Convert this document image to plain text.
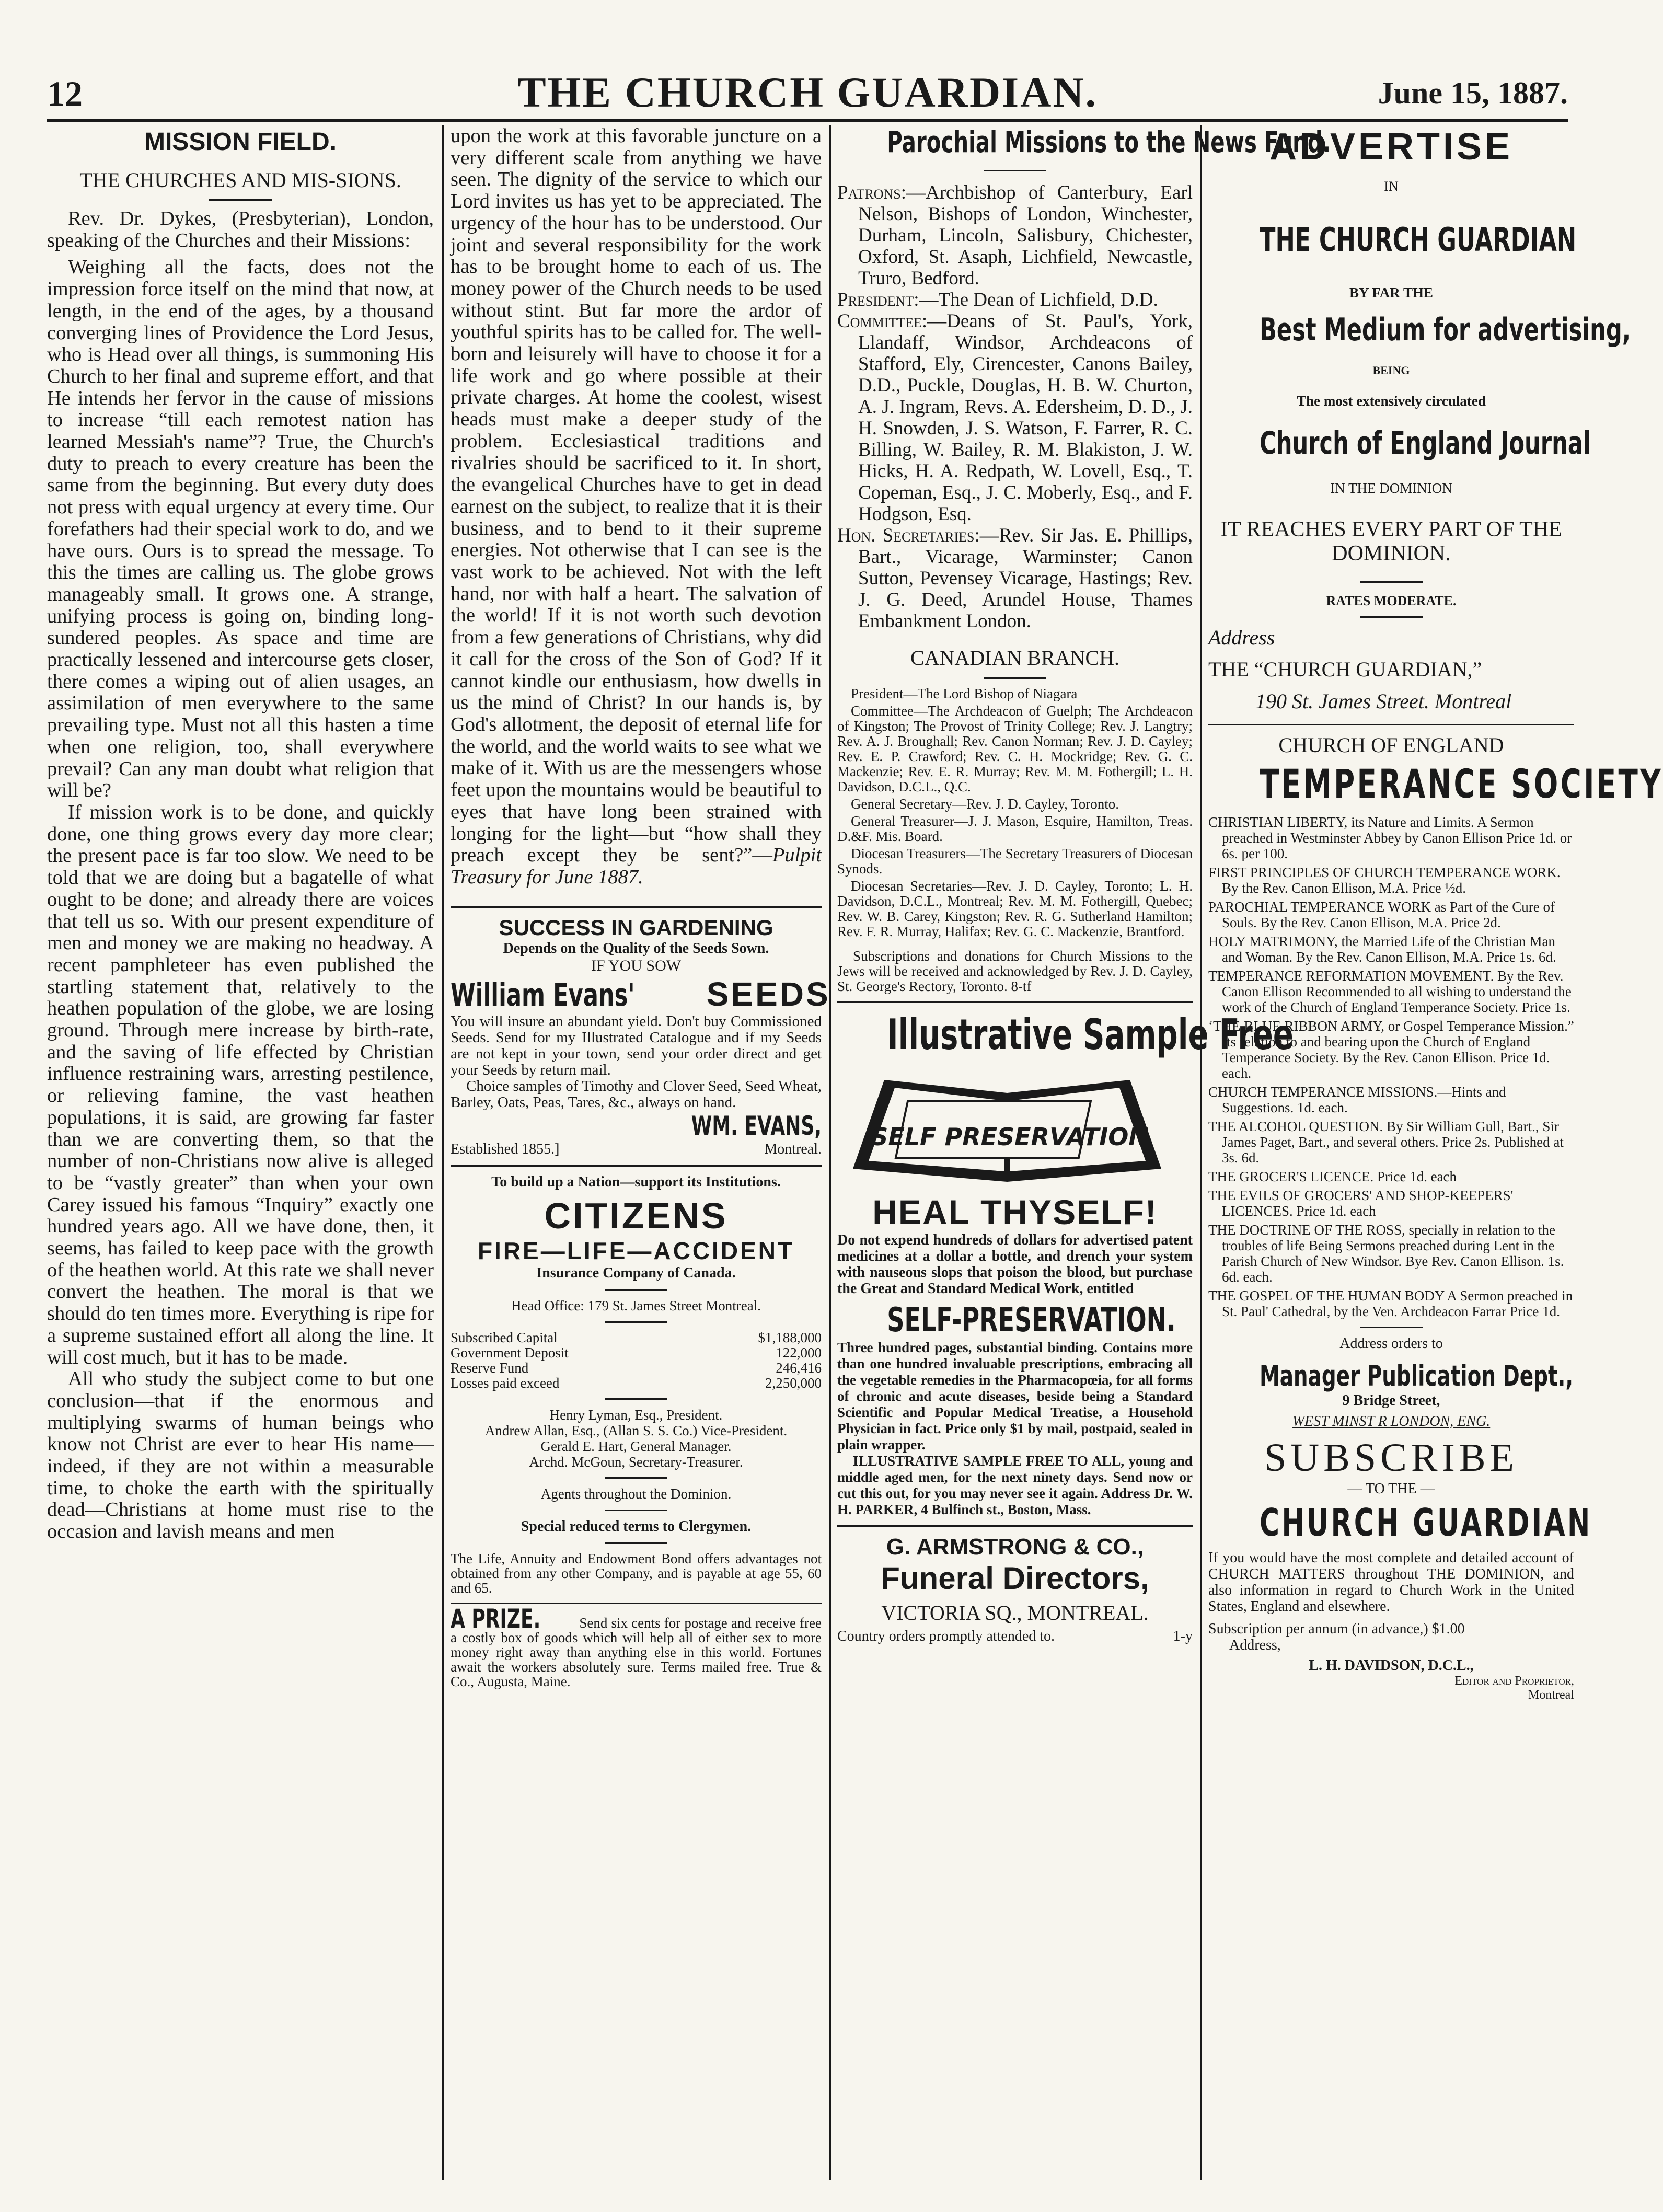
12	THE CHURCH GUARDIAN.	June 15, 1887.
MISSION FIELD.
THE CHURCHES AND MIS-SIONS.
Rev. Dr. Dykes, (Presbyterian), London, speaking of the Churches and their Missions:

Weighing all the facts, does not the impression force itself on the mind that now, at length, in the end of the ages, by a thousand converging lines of Providence the Lord Jesus, who is Head over all things, is summoning His Church to her final and supreme effort, and that He intends her fervor in the cause of missions to increase “till each remotest nation has learned Messiah's name”? True, the Church's duty to preach to every creature has been the same from the beginning. But every duty does not press with equal urgency at every time. Our forefathers had their special work to do, and we have ours. Ours is to spread the message. To this the times are calling us. The globe grows manageably small. It grows one. A strange, unifying process is going on, binding long-sundered peoples. As space and time are practically lessened and intercourse gets closer, there comes a wiping out of alien usages, an assimilation of men everywhere to the same prevailing type. Must not all this hasten a time when one religion, too, shall everywhere prevail? Can any man doubt what religion that will be?

If mission work is to be done, and quickly done, one thing grows every day more clear; the present pace is far too slow. We need to be told that we are doing but a bagatelle of what ought to be done; and already there are voices that tell us so. With our present expenditure of men and money we are making no headway. A recent pamphleteer has even published the startling statement that, relatively to the heathen population of the globe, we are losing ground. Through mere increase by birth-rate, and the saving of life effected by Christian influence restraining wars, arresting pestilence, or relieving famine, the vast heathen populations, it is said, are growing far faster than we are converting them, so that the number of non-Christians now alive is alleged to be “vastly greater” than when your own Carey issued his famous “Inquiry” exactly one hundred years ago. All we have done, then, it seems, has failed to keep pace with the growth of the heathen world. At this rate we shall never convert the heathen. The moral is that we should do ten times more. Everything is ripe for a supreme sustained effort all along the line. It will cost much, but it has to be made.

All who study the subject come to but one conclusion—that if the enormous and multiplying swarms of human beings who know not Christ are ever to hear His name—indeed, if they are not within a measurable time, to choke the earth with the spiritually dead—Christians at home must rise to the occasion and lavish means and men

upon the work at this favorable juncture on a very different scale from anything we have seen. The dignity of the service to which our Lord invites us has yet to be appreciated. The urgency of the hour has to be understood. Our joint and several responsibility for the work has to be brought home to each of us. The money power of the Church needs to be used without stint. But far more the ardor of youthful spirits has to be called for. The well-born and leisurely will have to choose it for a life work and go where possible at their private charges. At home the coolest, wisest heads must make a deeper study of the problem. Ecclesiastical traditions and rivalries should be sacrificed to it. In short, the evangelical Churches have to get in dead earnest on the subject, to realize that it is their business, and to bend to it their supreme energies. Not otherwise that I can see is the vast work to be achieved. Not with the left hand, nor with half a heart. The salvation of the world! If it is not worth such devotion from a few generations of Christians, why did it call for the cross of the Son of God? If it cannot kindle our enthusiasm, how dwells in us the mind of Christ? In our hands is, by God's allotment, the deposit of eternal life for the world, and the world waits to see what we make of it. With us are the messengers whose feet upon the mountains would be beautiful to eyes that have long been strained with longing for the light—but “how shall they preach except they be sent?”—Pulpit Treasury for June 1887.
SUCCESS IN GARDENING
Depends on the Quality of the Seeds Sown.
IF YOU SOW
William Evans' SEEDS
You will insure an abundant yield. Don't buy Commissioned Seeds. Send for my Illustrated Catalogue and if my Seeds are not kept in your town, send your order direct and get your Seeds by return mail.
Choice samples of Timothy and Clover Seed, Seed Wheat, Barley, Oats, Peas, Tares, &c., always on hand.
WM. EVANS,
Established 1855.]	Montreal.
To build up a Nation—support its Institutions.
CITIZENS
FIRE—LIFE—ACCIDENT
Insurance Company of Canada.
Head Office: 179 St. James Street Montreal.
Subscribed Capital	$1,188,000
Government Deposit	122,000
Reserve Fund	246,416
Losses paid exceed	2,250,000
Henry Lyman, Esq., President.
Andrew Allan, Esq., (Allan S. S. Co.) Vice-President.
Gerald E. Hart, General Manager.
Archd. McGoun, Secretary-Treasurer.
Agents throughout the Dominion.
Special reduced terms to Clergymen.
The Life, Annuity and Endowment Bond offers advantages not obtained from any other Company, and is payable at age 55, 60 and 65.
A PRIZE.	Send six cents for postage and receive free a costly box of goods which will help all of either sex to more money right away than anything else in this world. Fortunes await the workers absolutely sure. Terms mailed free. True & Co., Augusta, Maine.
Parochial Missions to the News Fund.

Patrons:—Archbishop of Canterbury, Earl Nelson, Bishops of London, Winchester, Durham, Lincoln, Salisbury, Chichester, Oxford, St. Asaph, Lichfield, Newcastle, Truro, Bedford.

President:—The Dean of Lichfield, D.D.

Committee:—Deans of St. Paul's, York, Llandaff, Windsor, Archdeacons of Stafford, Ely, Cirencester, Canons Bailey, D.D., Puckle, Douglas, H. B. W. Churton, A. J. Ingram, Revs. A. Edersheim, D. D., J. H. Snowden, J. S. Watson, F. Farrer, R. C. Billing, W. Bailey, R. M. Blakiston, J. W. Hicks, H. A. Redpath, W. Lovell, Esq., T. Copeman, Esq., J. C. Moberly, Esq., and F. Hodgson, Esq.

Hon. Secretaries:—Rev. Sir Jas. E. Phillips, Bart., Vicarage, Warminster; Canon Sutton, Pevensey Vicarage, Hastings; Rev. J. G. Deed, Arundel House, Thames Embankment London.

CANADIAN BRANCH.
President—The Lord Bishop of Niagara
Committee—The Archdeacon of Guelph; The Archdeacon of Kingston; The Provost of Trinity College; Rev. J. Langtry; Rev. A. J. Broughall; Rev. Canon Norman; Rev. J. D. Cayley; Rev. E. P. Crawford; Rev. C. H. Mockridge; Rev. G. C. Mackenzie; Rev. E. R. Murray; Rev. M. M. Fothergill; L. H. Davidson, D.C.L., Q.C.
General Secretary—Rev. J. D. Cayley, Toronto.
General Treasurer—J. J. Mason, Esquire, Hamilton, Treas. D.&F. Mis. Board.
Diocesan Treasurers—The Secretary Treasurers of Diocesan Synods.
Diocesan Secretaries—Rev. J. D. Cayley, Toronto; L. H. Davidson, D.C.L., Montreal; Rev. M. M. Fothergill, Quebec; Rev. W. B. Carey, Kingston; Rev. R. G. Sutherland Hamilton; Rev. F. R. Murray, Halifax; Rev. G. C. Mackenzie, Brantford.
Subscriptions and donations for Church Missions to the Jews will be received and acknowledged by Rev. J. D. Cayley, St. George's Rectory, Toronto. 8-tf
Illustrative Sample Free
SELF PRESERVATION
HEAL THYSELF!
Do not expend hundreds of dollars for advertised patent medicines at a dollar a bottle, and drench your system with nauseous slops that poison the blood, but purchase the Great and Standard Medical Work, entitled
SELF-PRESERVATION.
Three hundred pages, substantial binding. Contains more than one hundred invaluable prescriptions, embracing all the vegetable remedies in the Pharmacopœia, for all forms of chronic and acute diseases, beside being a Standard Scientific and Popular Medical Treatise, a Household Physician in fact. Price only $1 by mail, postpaid, sealed in plain wrapper.
ILLUSTRATIVE SAMPLE FREE TO ALL, young and middle aged men, for the next ninety days. Send now or cut this out, for you may never see it again. Address Dr. W. H. PARKER, 4 Bulfinch st., Boston, Mass.
G. ARMSTRONG & CO.,
Funeral Directors,
VICTORIA SQ., MONTREAL.
Country orders promptly attended to.	1-y
ADVERTISE
IN
THE CHURCH GUARDIAN
BY FAR THE
Best Medium for advertising,
BEING
The most extensively circulated
Church of England Journal
IN THE DOMINION
IT REACHES EVERY PART OF THE DOMINION.
RATES MODERATE.
Address
THE “CHURCH GUARDIAN,”
190 St. James Street. Montreal
CHURCH OF ENGLAND
TEMPERANCE SOCIETY
CHRISTIAN LIBERTY, its Nature and Limits. A Sermon preached in Westminster Abbey by Canon Ellison Price 1d. or 6s. per 100.
FIRST PRINCIPLES OF CHURCH TEMPERANCE WORK. By the Rev. Canon Ellison, M.A. Price ½d.
PAROCHIAL TEMPERANCE WORK as Part of the Cure of Souls. By the Rev. Canon Ellison, M.A. Price 2d.
HOLY MATRIMONY, the Married Life of the Christian Man and Woman. By the Rev. Canon Ellison, M.A. Price 1s. 6d.
TEMPERANCE REFORMATION MOVEMENT. By the Rev. Canon Ellison Recommended to all wishing to understand the work of the Church of England Temperance Society. Price 1s.
‘THE BLUE RIBBON ARMY, or Gospel Temperance Mission.” Its relation to and bearing upon the Church of England Temperance Society. By the Rev. Canon Ellison. Price 1d. each.
CHURCH TEMPERANCE MISSIONS.—Hints and Suggestions. 1d. each.
THE ALCOHOL QUESTION. By Sir William Gull, Bart., Sir James Paget, Bart., and several others. Price 2s. Published at 3s. 6d.
THE GROCER'S LICENCE. Price 1d. each
THE EVILS OF GROCERS' AND SHOP-KEEPERS' LICENCES. Price 1d. each
THE DOCTRINE OF THE ROSS, specially in relation to the troubles of life Being Sermons preached during Lent in the Parish Church of New Windsor. Bye Rev. Canon Ellison. 1s. 6d. each.
THE GOSPEL OF THE HUMAN BODY A Sermon preached in St. Paul' Cathedral, by the Ven. Archdeacon Farrar Price 1d.
Address orders to
Manager Publication Dept.,
9 Bridge Street,
WEST MINST R LONDON, ENG.
SUBSCRIBE
— TO THE —
CHURCH GUARDIAN
If you would have the most complete and detailed account of CHURCH MATTERS throughout THE DOMINION, and also information in regard to Church Work in the United States, England and elsewhere.
Subscription per annum (in advance,) $1.00
Address,
L. H. DAVIDSON, D.C.L.,
Editor and Proprietor,
Montreal
